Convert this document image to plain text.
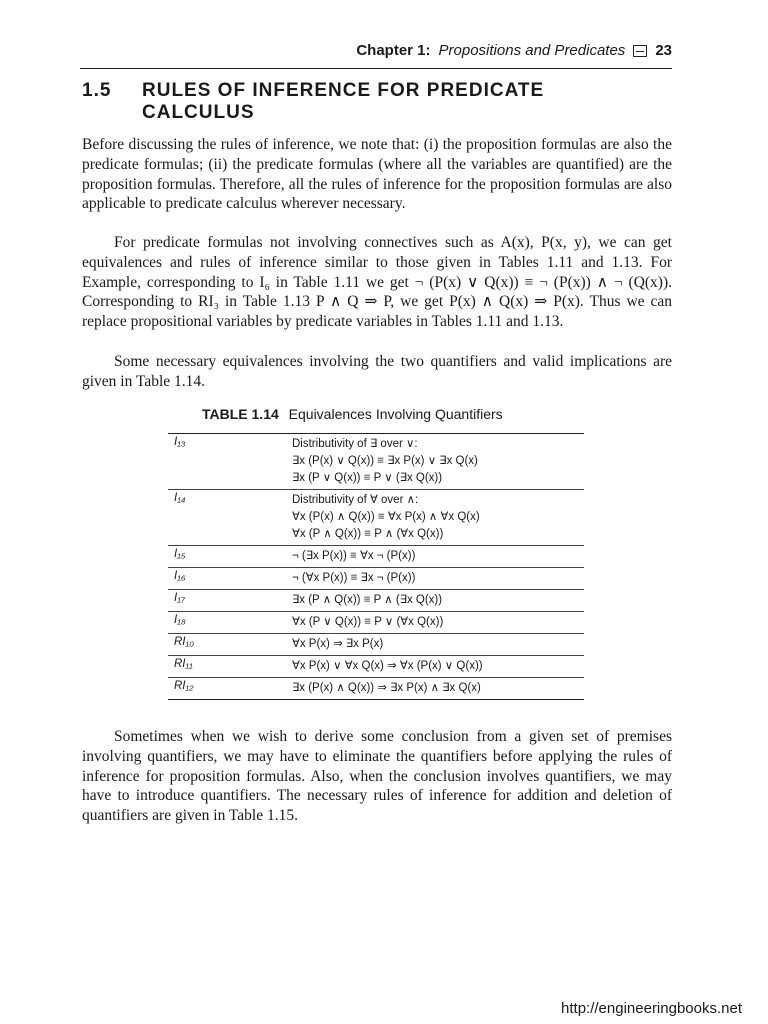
Chapter 1: Propositions and Predicates 23
1.5 RULES OF INFERENCE FOR PREDICATE CALCULUS

Before discussing the rules of inference, we note that: (i) the proposition formulas are also the predicate formulas; (ii) the predicate formulas (where all the variables are quantified) are the proposition formulas. Therefore, all the rules of inference for the proposition formulas are also applicable to predicate calculus wherever necessary.

For predicate formulas not involving connectives such as A(x), P(x, y), we can get equivalences and rules of inference similar to those given in Tables 1.11 and 1.13. For Example, corresponding to I₆ in Table 1.11 we get ¬ (P(x) ∨ Q(x)) ≡ ¬ (P(x)) ∧ ¬ (Q(x)). Corresponding to RI₃ in Table 1.13 P ∧ Q ⇒ P, we get P(x) ∧ Q(x) ⇒ P(x). Thus we can replace propositional variables by predicate variables in Tables 1.11 and 1.13.

Some necessary equivalences involving the two quantifiers and valid implications are given in Table 1.14.

TABLE 1.14 Equivalences Involving Quantifiers
I₁₃	Distributivity of ∃ over ∨:
∃x (P(x) ∨ Q(x)) ≡ ∃x P(x) ∨ ∃x Q(x)
∃x (P ∨ Q(x)) ≡ P ∨ (∃x Q(x))
I₁₄	Distributivity of ∀ over ∧:
∀x (P(x) ∧ Q(x)) ≡ ∀x P(x) ∧ ∀x Q(x)
∀x (P ∧ Q(x)) ≡ P ∧ (∀x Q(x))
I₁₅	¬ (∃x P(x)) ≡ ∀x ¬ (P(x))
I₁₆	¬ (∀x P(x)) ≡ ∃x ¬ (P(x))
I₁₇	∃x (P ∧ Q(x)) ≡ P ∧ (∃x Q(x))
I₁₈	∀x (P ∨ Q(x)) ≡ P ∨ (∀x Q(x))
RI₁₀	∀x P(x) ⇒ ∃x P(x)
RI₁₁	∀x P(x) ∨ ∀x Q(x) ⇒ ∀x (P(x) ∨ Q(x))
RI₁₂	∃x (P(x) ∧ Q(x)) ⇒ ∃x P(x) ∧ ∃x Q(x)

Sometimes when we wish to derive some conclusion from a given set of premises involving quantifiers, we may have to eliminate the quantifiers before applying the rules of inference for proposition formulas. Also, when the conclusion involves quantifiers, we may have to introduce quantifiers. The necessary rules of inference for addition and deletion of quantifiers are given in Table 1.15.

http://engineeringbooks.net
